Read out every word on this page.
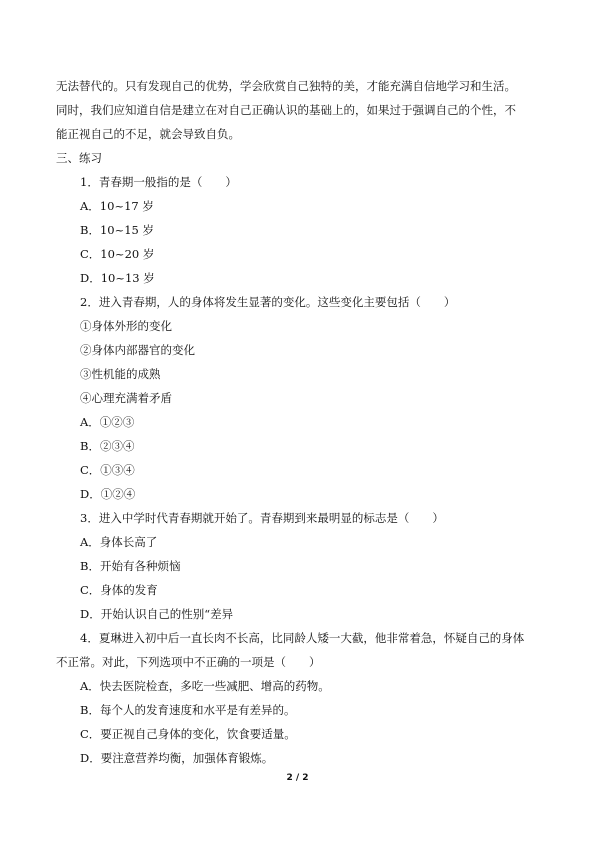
无法替代的。只有发现自己的优势，学会欣赏自己独特的美，才能充满自信地学习和生活。
同时，我们应知道自信是建立在对自己正确认识的基础上的，如果过于强调自己的个性，不
能正视自己的不足，就会导致自负。
三、练习
1．青春期一般指的是（　　）
A．10~17 岁
B．10~15 岁
C．10~20 岁
D．10~13 岁
2．进入青春期，人的身体将发生显著的变化。这些变化主要包括（　　）
①身体外形的变化
②身体内部器官的变化
③性机能的成熟
④心理充满着矛盾
A．①②③
B．②③④
C．①③④
D．①②④
3．进入中学时代青春期就开始了。青春期到来最明显的标志是（　　）
A．身体长高了
B．开始有各种烦恼
C．身体的发育
D．开始认识自己的性别“差异
4．夏琳进入初中后一直长肉不长高，比同龄人矮一大截，他非常着急，怀疑自己的身体
不正常。对此，下列选项中不正确的一项是（　　）
A．快去医院检查，多吃一些减肥、增高的药物。
B．每个人的发育速度和水平是有差异的。
C．要正视自己身体的变化，饮食要适量。
D．要注意营养均衡，加强体育锻炼。
2 / 2
